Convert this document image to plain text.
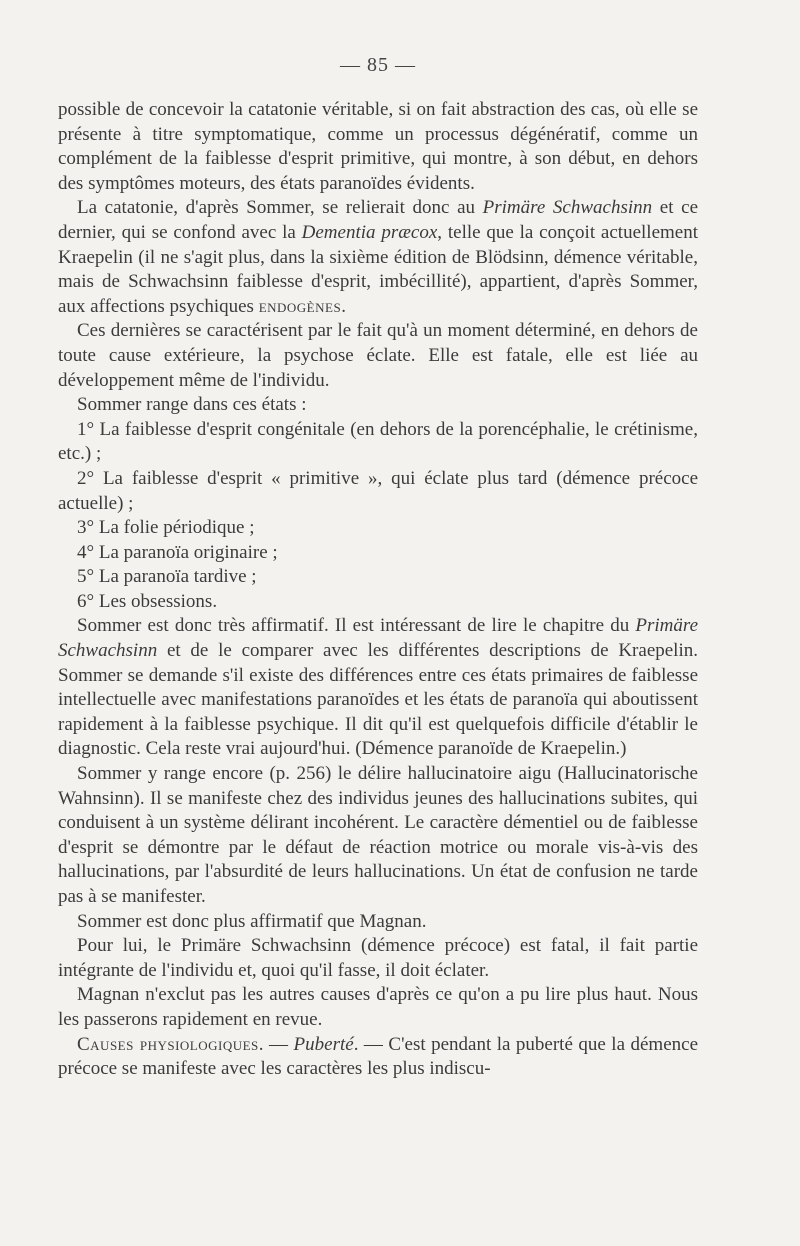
— 85 —

possible de concevoir la catatonie véritable, si on fait abstraction des cas, où elle se présente à titre symptomatique, comme un processus dégénératif, comme un complément de la faiblesse d'esprit primitive, qui montre, à son début, en dehors des symptômes moteurs, des états paranoïdes évidents.

La catatonie, d'après Sommer, se relierait donc au Primäre Schwachsinn et ce dernier, qui se confond avec la Dementia præcox, telle que la conçoit actuellement Kraepelin (il ne s'agit plus, dans la sixième édition de Blödsinn, démence véritable, mais de Schwachsinn faiblesse d'esprit, imbécillité), appartient, d'après Sommer, aux affections psychiques endogènes.

Ces dernières se caractérisent par le fait qu'à un moment déterminé, en dehors de toute cause extérieure, la psychose éclate. Elle est fatale, elle est liée au développement même de l'individu.

Sommer range dans ces états :

1° La faiblesse d'esprit congénitale (en dehors de la porencéphalie, le crétinisme, etc.) ;

2° La faiblesse d'esprit « primitive », qui éclate plus tard (démence précoce actuelle) ;

3° La folie périodique ;

4° La paranoïa originaire ;

5° La paranoïa tardive ;

6° Les obsessions.

Sommer est donc très affirmatif. Il est intéressant de lire le chapitre du Primäre Schwachsinn et de le comparer avec les différentes descriptions de Kraepelin. Sommer se demande s'il existe des différences entre ces états primaires de faiblesse intellectuelle avec manifestations paranoïdes et les états de paranoïa qui aboutissent rapidement à la faiblesse psychique. Il dit qu'il est quelquefois difficile d'établir le diagnostic. Cela reste vrai aujourd'hui. (Démence paranoïde de Kraepelin.)

Sommer y range encore (p. 256) le délire hallucinatoire aigu (Hallucinatorische Wahnsinn). Il se manifeste chez des individus jeunes des hallucinations subites, qui conduisent à un système délirant incohérent. Le caractère démentiel ou de faiblesse d'esprit se démontre par le défaut de réaction motrice ou morale vis-à-vis des hallucinations, par l'absurdité de leurs hallucinations. Un état de confusion ne tarde pas à se manifester.

Sommer est donc plus affirmatif que Magnan.

Pour lui, le Primäre Schwachsinn (démence précoce) est fatal, il fait partie intégrante de l'individu et, quoi qu'il fasse, il doit éclater.

Magnan n'exclut pas les autres causes d'après ce qu'on a pu lire plus haut. Nous les passerons rapidement en revue.

Causes physiologiques. — Puberté. — C'est pendant la puberté que la démence précoce se manifeste avec les caractères les plus indiscu-
